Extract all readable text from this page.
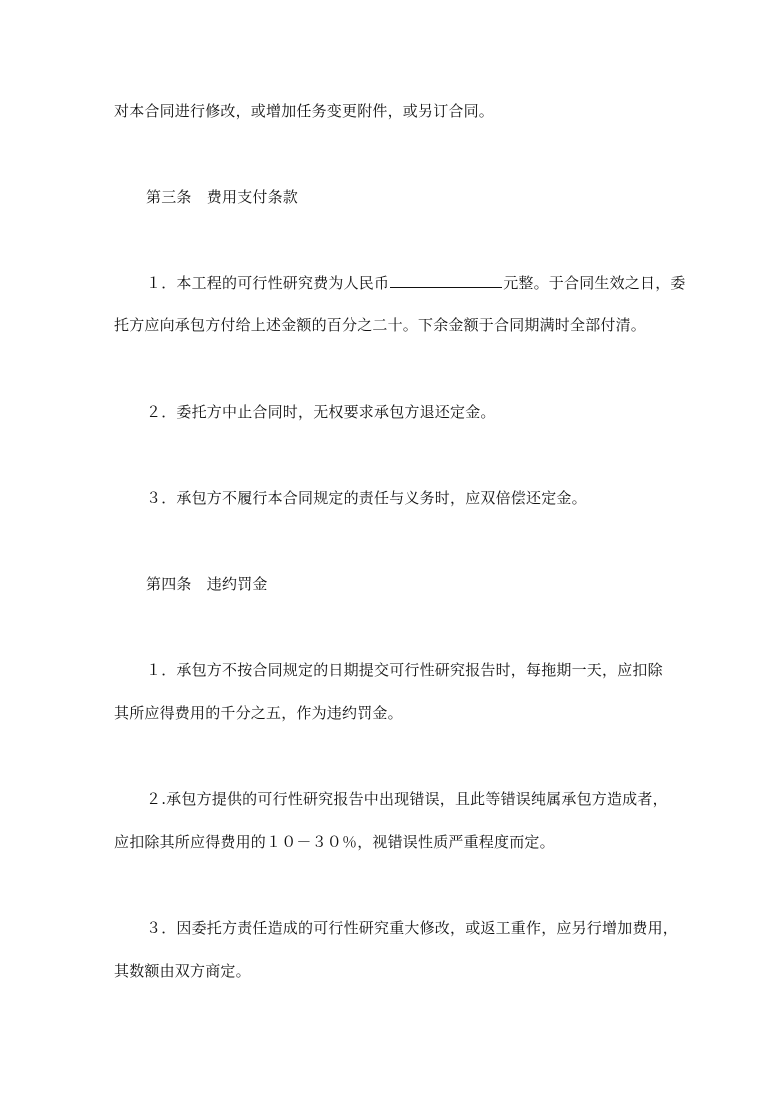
对本合同进行修改，或增加任务变更附件，或另订合同。
第三条　费用支付条款
１．本工程的可行性研究费为人民币	元整。于合同生效之日，委
托方应向承包方付给上述金额的百分之二十。下余金额于合同期满时全部付清。
２．委托方中止合同时，无权要求承包方退还定金。
３．承包方不履行本合同规定的责任与义务时，应双倍偿还定金。
第四条　违约罚金
１．承包方不按合同规定的日期提交可行性研究报告时，每拖期一天，应扣除
其所应得费用的千分之五，作为违约罚金。
２.承包方提供的可行性研究报告中出现错误，且此等错误纯属承包方造成者，
应扣除其所应得费用的１０－３０％，视错误性质严重程度而定。
３．因委托方责任造成的可行性研究重大修改，或返工重作，应另行增加费用，
其数额由双方商定。
